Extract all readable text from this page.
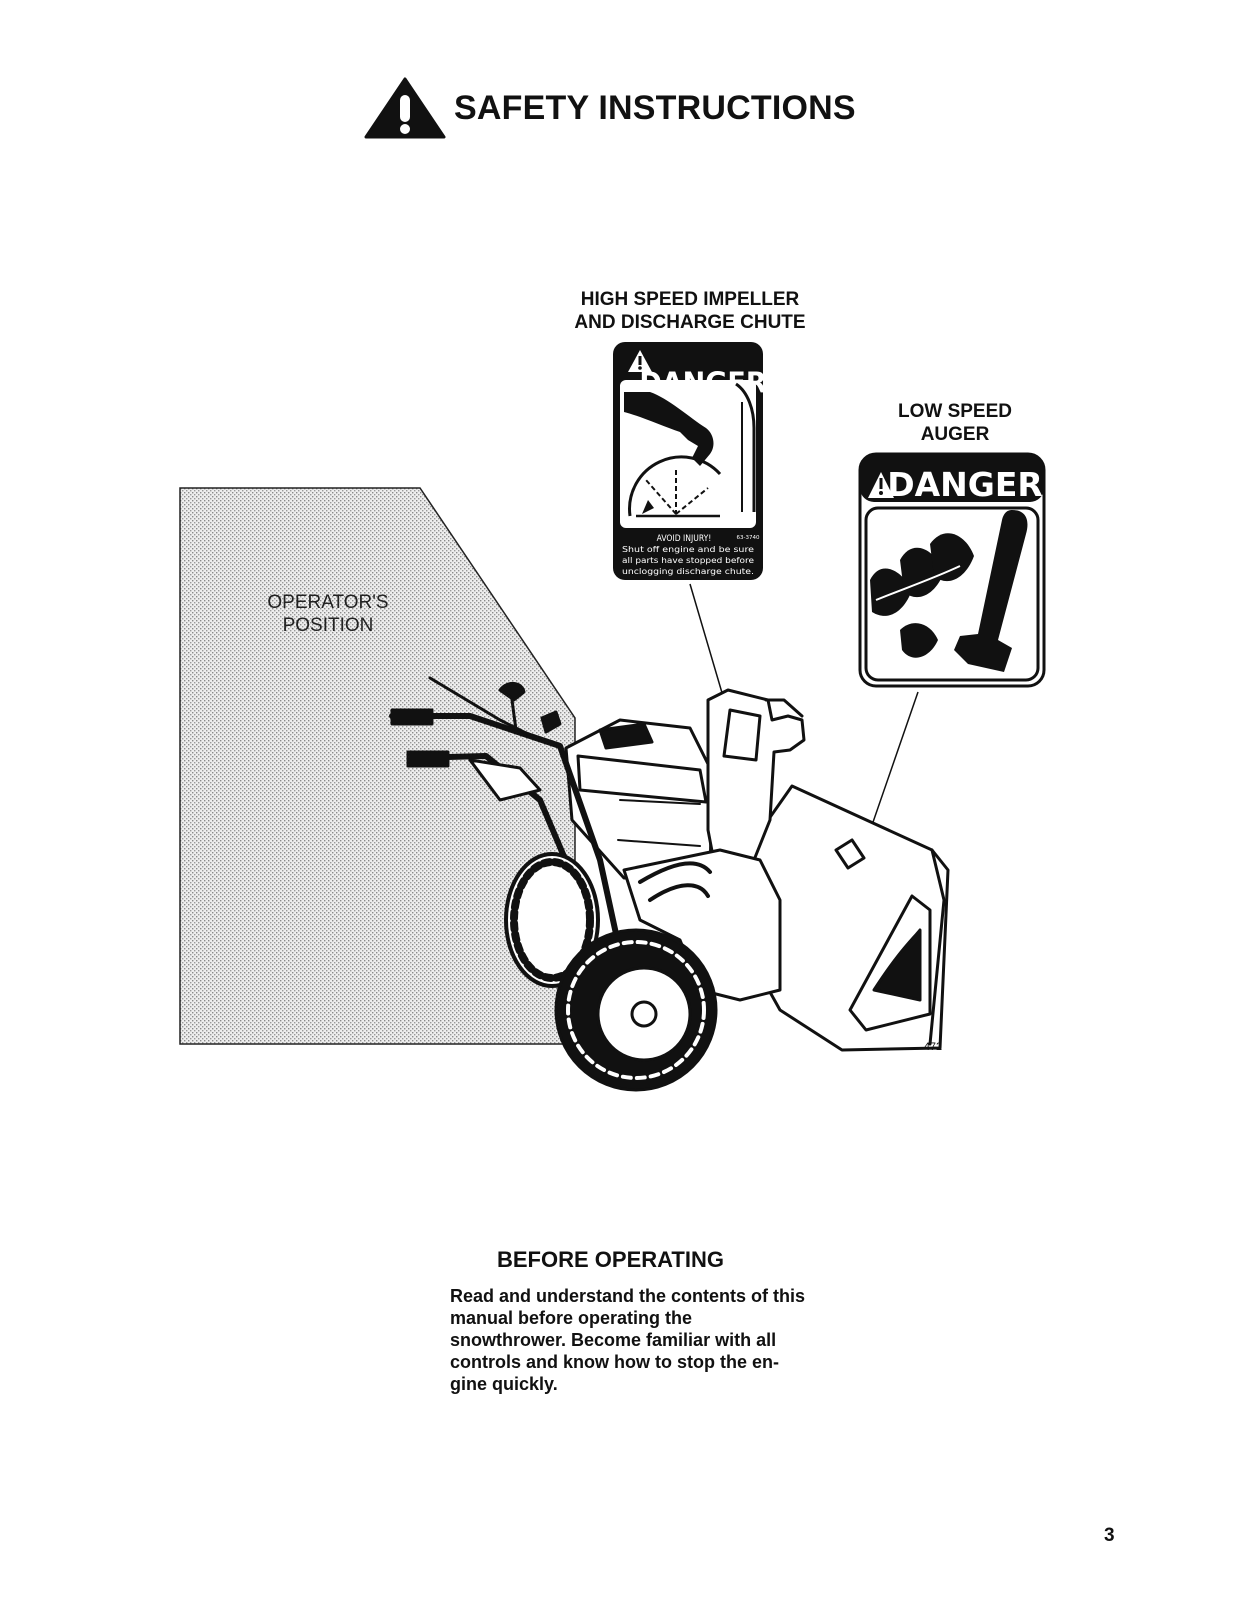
SAFETY INSTRUCTIONS
HIGH SPEED IMPELLER
AND DISCHARGE CHUTE
LOW SPEED
AUGER
OPERATOR'S
POSITION
DANGER
AVOID INJURY!	63-3740
Shut off engine and be sure
all parts have stopped before
unclogging discharge chute.
DANGER
472
BEFORE OPERATING
Read and understand the contents of this
manual before operating the
snowthrower. Become familiar with all
controls and know how to stop the en-
gine quickly.
3
